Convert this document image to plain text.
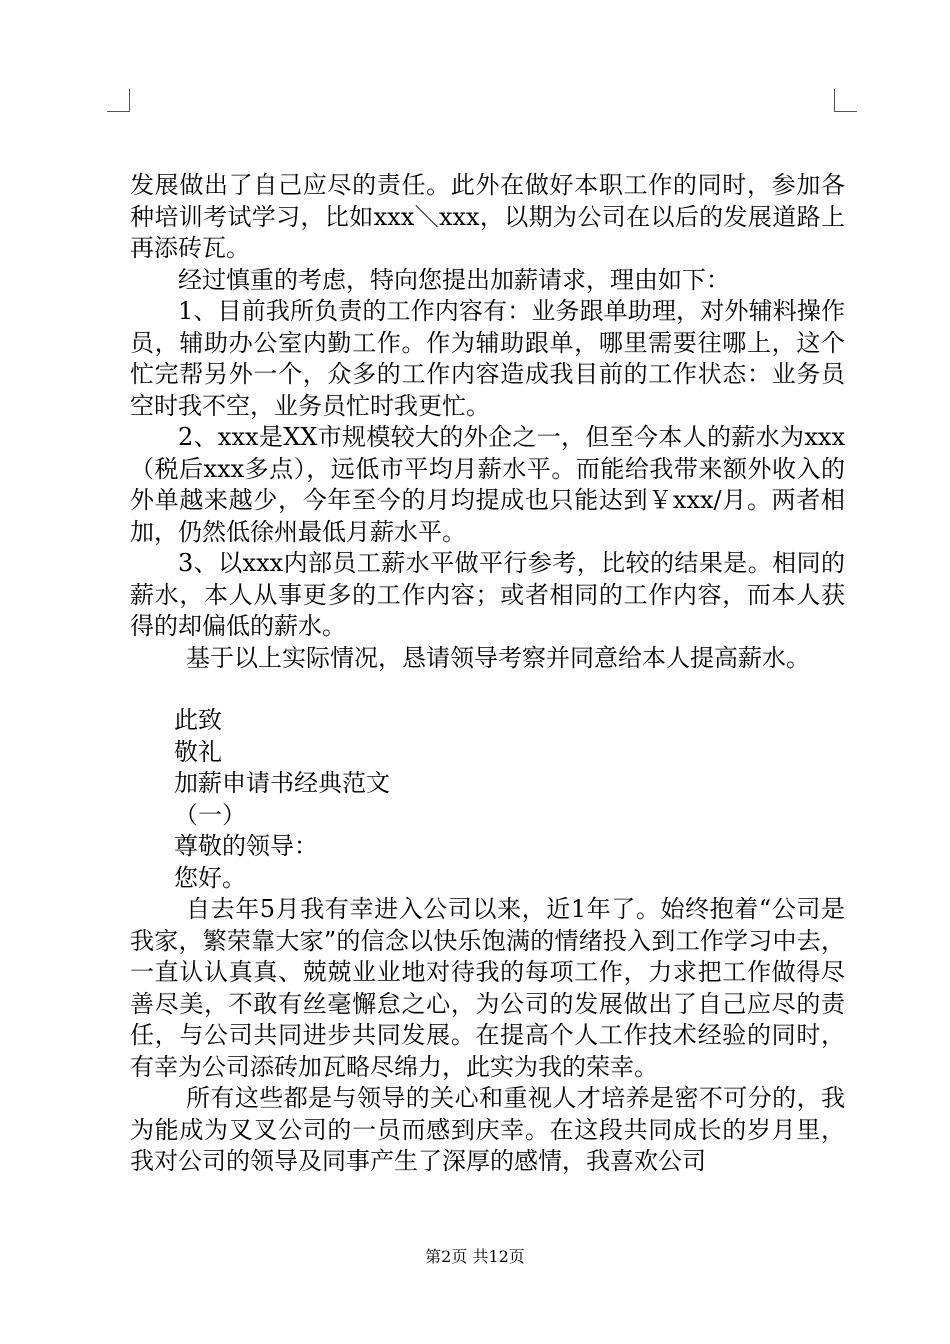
发展做出了自己应尽的责任。此外在做好本职工作的同时，参加各种培训考试学习，比如xxx＼xxx，以期为公司在以后的发展道路上再添砖瓦。

经过慎重的考虑，特向您提出加薪请求，理由如下：

1、目前我所负责的工作内容有：业务跟单助理，对外辅料操作员，辅助办公室内勤工作。作为辅助跟单，哪里需要往哪上，这个忙完帮另外一个，众多的工作内容造成我目前的工作状态：业务员空时我不空，业务员忙时我更忙。

2、xxx是XX市规模较大的外企之一，但至今本人的薪水为xxx（税后xxx多点），远低市平均月薪水平。而能给我带来额外收入的外单越来越少，今年至今的月均提成也只能达到￥xxx/月。两者相加，仍然低徐州最低月薪水平。

3、以xxx内部员工薪水平做平行参考，比较的结果是。相同的薪水，本人从事更多的工作内容；或者相同的工作内容，而本人获得的却偏低的薪水。

基于以上实际情况，恳请领导考察并同意给本人提高薪水。

此致

敬礼

加薪申请书经典范文

（一）

尊敬的领导：

您好。

自去年5月我有幸进入公司以来，近1年了。始终抱着“公司是我家，繁荣靠大家”的信念以快乐饱满的情绪投入到工作学习中去，一直认认真真、兢兢业业地对待我的每项工作，力求把工作做得尽善尽美，不敢有丝毫懈怠之心，为公司的发展做出了自己应尽的责任，与公司共同进步共同发展。在提高个人工作技术经验的同时，有幸为公司添砖加瓦略尽绵力，此实为我的荣幸。

所有这些都是与领导的关心和重视人才培养是密不可分的，我为能成为叉叉公司的一员而感到庆幸。在这段共同成长的岁月里，我对公司的领导及同事产生了深厚的感情，我喜欢公司

第2页 共12页
